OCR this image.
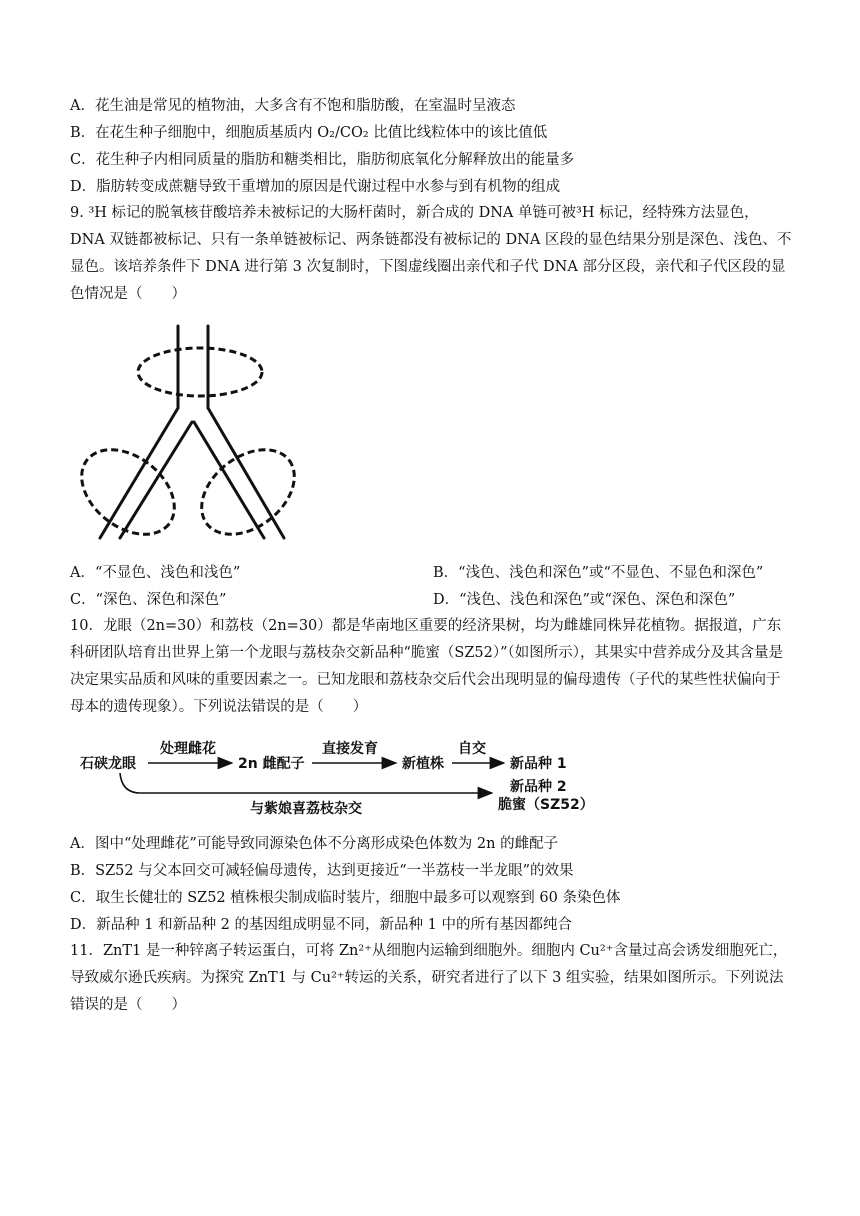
A．花生油是常见的植物油，大多含有不饱和脂肪酸，在室温时呈液态
B．在花生种子细胞中，细胞质基质内 O₂/CO₂ 比值比线粒体中的该比值低
C．花生种子内相同质量的脂肪和糖类相比，脂肪彻底氧化分解释放出的能量多
D．脂肪转变成蔗糖导致干重增加的原因是代谢过程中水参与到有机物的组成
9. ³H 标记的脱氧核苷酸培养未被标记的大肠杆菌时，新合成的 DNA 单链可被³H 标记，经特殊方法显色，DNA 双链都被标记、只有一条单链被标记、两条链都没有被标记的 DNA 区段的显色结果分别是深色、浅色、不显色。该培养条件下 DNA 进行第 3 次复制时，下图虚线圈出亲代和子代 DNA 部分区段，亲代和子代区段的显色情况是（　　）
A．“不显色、浅色和浅色”	B．“浅色、浅色和深色”或“不显色、不显色和深色”
C．“深色、深色和深色”	D．“浅色、浅色和深色”或“深色、深色和深色”
10．龙眼（2n=30）和荔枝（2n=30）都是华南地区重要的经济果树，均为雌雄同株异花植物。据报道，广东科研团队培育出世界上第一个龙眼与荔枝杂交新品种“脆蜜（SZ52）”（如图所示），其果实中营养成分及其含量是决定果实品质和风味的重要因素之一。已知龙眼和荔枝杂交后代会出现明显的偏母遗传（子代的某些性状偏向于母本的遗传现象）。下列说法错误的是（　　）
石硖龙眼
处理雌花
2n 雌配子
直接发育
新植株
自交
新品种 1
与紫娘喜荔枝杂交
新品种 2
脆蜜（SZ52）
A．图中“处理雌花”可能导致同源染色体不分离形成染色体数为 2n 的雌配子
B．SZ52 与父本回交可减轻偏母遗传，达到更接近“一半荔枝一半龙眼”的效果
C．取生长健壮的 SZ52 植株根尖制成临时装片，细胞中最多可以观察到 60 条染色体
D．新品种 1 和新品种 2 的基因组成明显不同，新品种 1 中的所有基因都纯合
11．ZnT1 是一种锌离子转运蛋白，可将 Zn²⁺从细胞内运输到细胞外。细胞内 Cu²⁺含量过高会诱发细胞死亡，导致威尔逊氏疾病。为探究 ZnT1 与 Cu²⁺转运的关系，研究者进行了以下 3 组实验，结果如图所示。下列说法错误的是（　　）
